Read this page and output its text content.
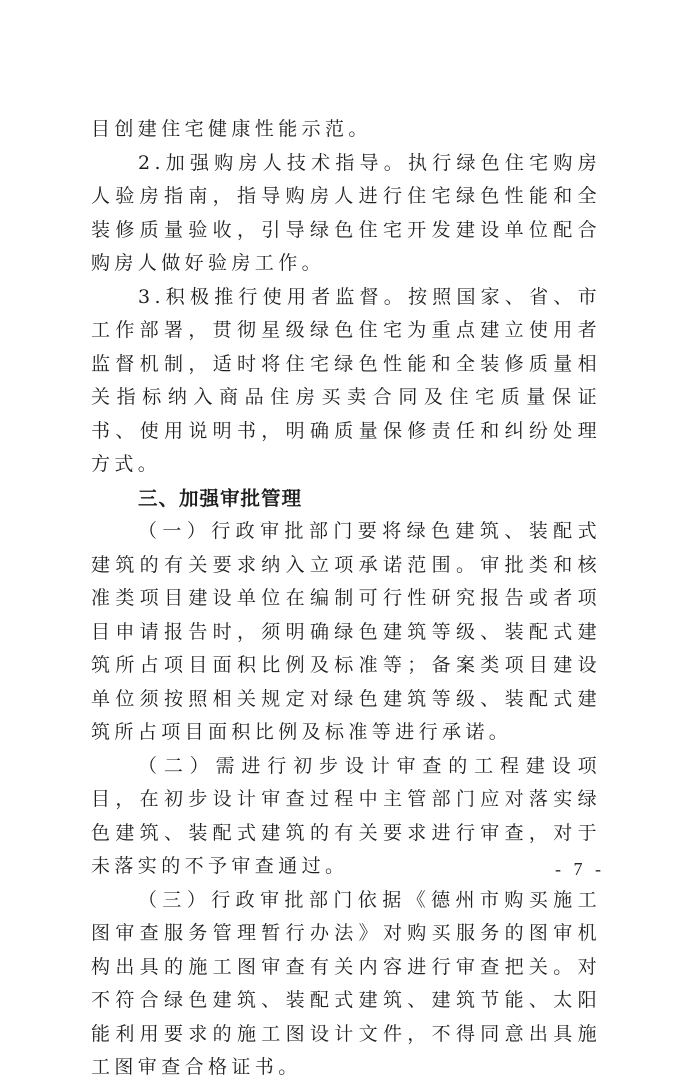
目创建住宅健康性能示范。

2.加强购房人技术指导。执行绿色住宅购房人验房指南，指导购房人进行住宅绿色性能和全装修质量验收，引导绿色住宅开发建设单位配合购房人做好验房工作。

3.积极推行使用者监督。按照国家、省、市工作部署，贯彻星级绿色住宅为重点建立使用者监督机制，适时将住宅绿色性能和全装修质量相关指标纳入商品住房买卖合同及住宅质量保证书、使用说明书，明确质量保修责任和纠纷处理方式。

三、加强审批管理

（一）行政审批部门要将绿色建筑、装配式建筑的有关要求纳入立项承诺范围。审批类和核准类项目建设单位在编制可行性研究报告或者项目申请报告时，须明确绿色建筑等级、装配式建筑所占项目面积比例及标准等；备案类项目建设单位须按照相关规定对绿色建筑等级、装配式建筑所占项目面积比例及标准等进行承诺。

（二）需进行初步设计审查的工程建设项目，在初步设计审查过程中主管部门应对落实绿色建筑、装配式建筑的有关要求进行审查，对于未落实的不予审查通过。

（三）行政审批部门依据《德州市购买施工图审查服务管理暂行办法》对购买服务的图审机构出具的施工图审查有关内容进行审查把关。对不符合绿色建筑、装配式建筑、建筑节能、太阳能利用要求的施工图设计文件，不得同意出具施工图审查合格证书。

- 7 -
